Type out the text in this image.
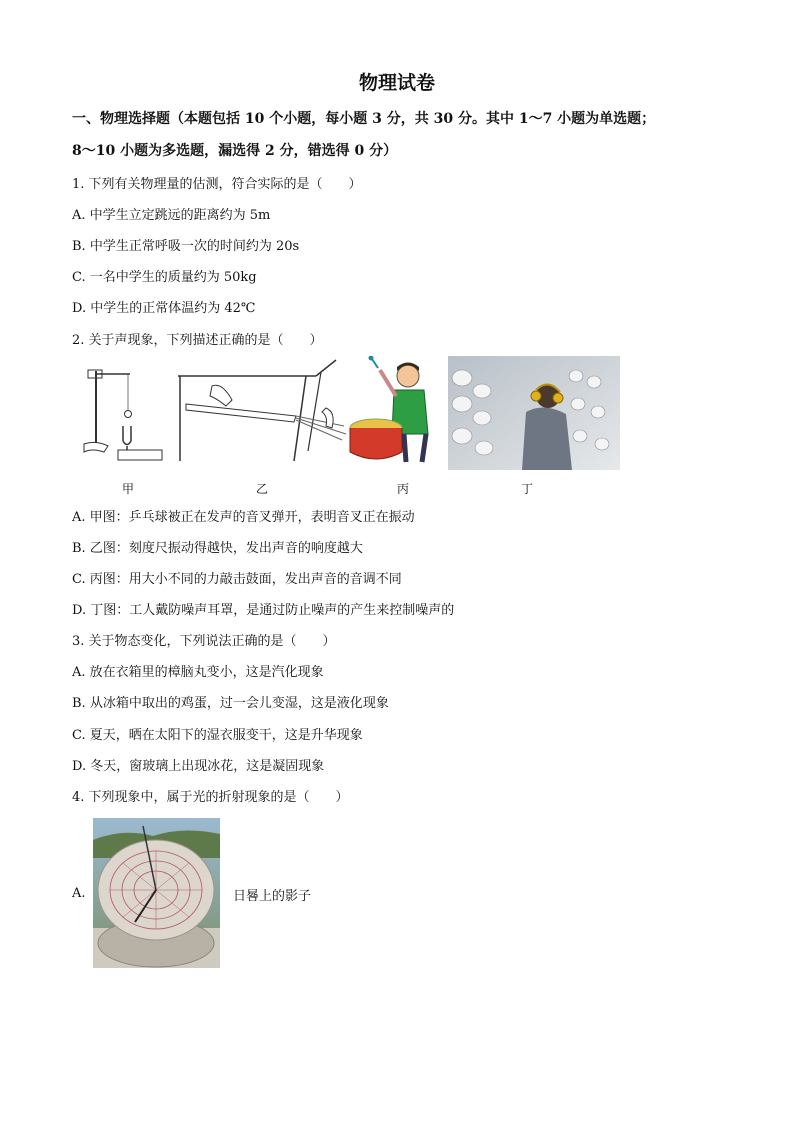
物理试卷
一、物理选择题（本题包括 10 个小题，每小题 3 分，共 30 分。其中 1～7 小题为单选题；
8～10 小题为多选题，漏选得 2 分，错选得 0 分）
1. 下列有关物理量的估测，符合实际的是（　　）
A. 中学生立定跳远的距离约为 5m
B. 中学生正常呼吸一次的时间约为 20s
C. 一名中学生的质量约为 50kg
D. 中学生的正常体温约为 42℃
2. 关于声现象，下列描述正确的是（　　）
甲	乙	丙	丁
A. 甲图：乒乓球被正在发声的音叉弹开，表明音叉正在振动
B. 乙图：刻度尺振动得越快，发出声音的响度越大
C. 丙图：用大小不同的力敲击鼓面，发出声音的音调不同
D. 丁图：工人戴防噪声耳罩，是通过防止噪声的产生来控制噪声的
3. 关于物态变化，下列说法正确的是（　　）
A. 放在衣箱里的樟脑丸变小，这是汽化现象
B. 从冰箱中取出的鸡蛋，过一会儿变湿，这是液化现象
C. 夏天，晒在太阳下的湿衣服变干，这是升华现象
D. 冬天，窗玻璃上出现冰花，这是凝固现象
4. 下列现象中，属于光的折射现象的是（　　）
A.	日晷上的影子
